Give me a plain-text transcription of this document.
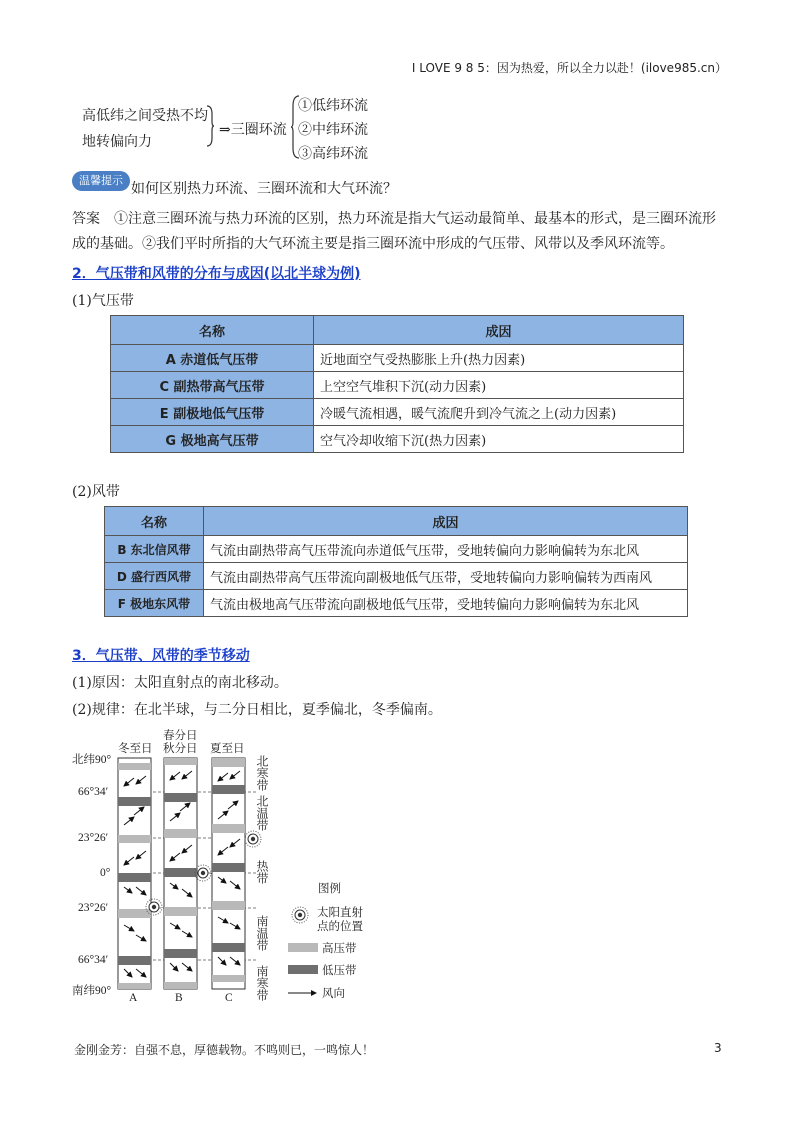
I LOVE 9 8 5：因为热爱，所以全力以赴！(ilove985.cn）
高低纬之间受热不均
地转偏向力
⇒三圈环流
①低纬环流
②中纬环流
③高纬环流
温馨提示
如何区别热力环流、三圈环流和大气环流？
答案　①注意三圈环流与热力环流的区别，热力环流是指大气运动最简单、最基本的形式，是三圈环流形
成的基础。②我们平时所指的大气环流主要是指三圈环流中形成的气压带、风带以及季风环流等。
2．气压带和风带的分布与成因(以北半球为例)
(1)气压带
名称	成因
A 赤道低气压带	近地面空气受热膨胀上升(热力因素)
C 副热带高气压带	上空空气堆积下沉(动力因素)
E 副极地低气压带	冷暖气流相遇，暖气流爬升到冷气流之上(动力因素)
G 极地高气压带	空气冷却收缩下沉(热力因素)
(2)风带
名称	成因
B 东北信风带	气流由副热带高气压带流向赤道低气压带，受地转偏向力影响偏转为东北风
D 盛行西风带	气流由副热带高气压带流向副极地低气压带，受地转偏向力影响偏转为西南风
F 极地东风带	气流由极地高气压带流向副极地低气压带，受地转偏向力影响偏转为东北风
3．气压带、风带的季节移动
(1)原因：太阳直射点的南北移动。
(2)规律：在北半球，与二分日相比，夏季偏北，冬季偏南。
冬至日
春分日
秋分日 夏至日
北纬90°
66°34′
23°26′
0°
23°26′
66°34′
南纬90°
A	B	C
北寒带
北温带
热带
南温带
南寒带
图例
太阳直射
点的位置
高压带
低压带
风向
金刚金芳：自强不息，厚德载物。不鸣则已，一鸣惊人！	3
